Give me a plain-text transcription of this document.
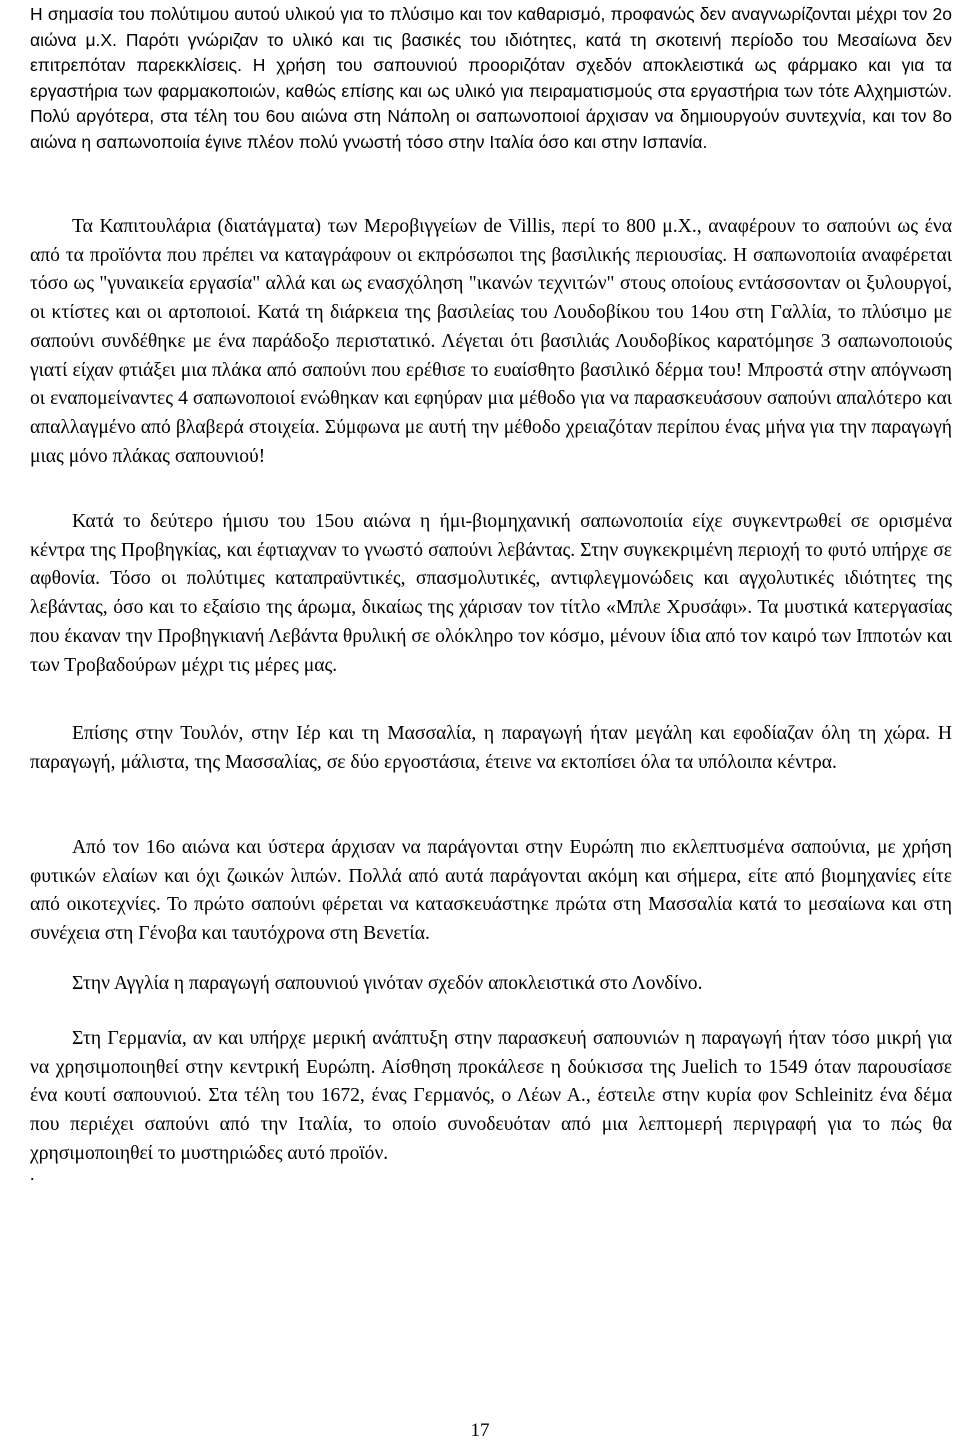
Η σημασία του πολύτιμου αυτού υλικού για το πλύσιμο και τον καθαρισμό, προφανώς δεν αναγνωρίζονται μέχρι τον 2ο αιώνα μ.Χ. Παρότι γνώριζαν το υλικό και τις βασικές του ιδιότητες, κατά τη σκοτεινή περίοδο του Μεσαίωνα δεν επιτρεπόταν παρεκκλίσεις. Η χρήση του σαπουνιού προοριζόταν σχεδόν αποκλειστικά ως φάρμακο και για τα εργαστήρια των φαρμακοποιών, καθώς επίσης και ως υλικό για πειραματισμούς στα εργαστήρια των τότε Αλχημιστών. Πολύ αργότερα, στα τέλη του 6ου αιώνα στη Νάπολη οι σαπωνοποιοί άρχισαν να δημιουργούν συντεχνία, και τον 8ο αιώνα η σαπωνοποιία έγινε πλέον πολύ γνωστή τόσο στην Ιταλία όσο και στην Ισπανία.

Τα Καπιτουλάρια (διατάγματα) των Μεροβιγγείων de Villis, περί το 800 μ.Χ., αναφέρουν το σαπούνι ως ένα από τα προϊόντα που πρέπει να καταγράφουν οι εκπρόσωποι της βασιλικής περιουσίας. Η σαπωνοποιία αναφέρεται τόσο ως "γυναικεία εργασία" αλλά και ως ενασχόληση "ικανών τεχνιτών" στους οποίους εντάσσονταν οι ξυλουργοί, οι κτίστες και οι αρτοποιοί. Κατά τη διάρκεια της βασιλείας του Λουδοβίκου του 14ου στη Γαλλία, το πλύσιμο με σαπούνι συνδέθηκε με ένα παράδοξο περιστατικό. Λέγεται ότι βασιλιάς Λουδοβίκος καρατόμησε 3 σαπωνοποιούς γιατί είχαν φτιάξει μια πλάκα από σαπούνι που ερέθισε το ευαίσθητο βασιλικό δέρμα του! Μπροστά στην απόγνωση οι εναπομείναντες 4 σαπωνοποιοί ενώθηκαν και εφηύραν μια μέθοδο για να παρασκευάσουν σαπούνι απαλότερο και απαλλαγμένο από βλαβερά στοιχεία. Σύμφωνα με αυτή την μέθοδο χρειαζόταν περίπου ένας μήνα για την παραγωγή μιας μόνο πλάκας σαπουνιού!

Κατά το δεύτερο ήμισυ του 15ου αιώνα η ήμι-βιομηχανική σαπωνοποιία είχε συγκεντρωθεί σε ορισμένα κέντρα της Προβηγκίας, και έφτιαχναν το γνωστό σαπούνι λεβάντας. Στην συγκεκριμένη περιοχή το φυτό υπήρχε σε αφθονία. Τόσο οι πολύτιμες καταπραϋντικές, σπασμολυτικές, αντιφλεγμονώδεις και αγχολυτικές ιδιότητες της λεβάντας, όσο και το εξαίσιο της άρωμα, δικαίως της χάρισαν τον τίτλο «Μπλε Χρυσάφι». Τα μυστικά κατεργασίας που έκαναν την Προβηγκιανή Λεβάντα θρυλική σε ολόκληρο τον κόσμο, μένουν ίδια από τον καιρό των Ιπποτών και των Τροβαδούρων μέχρι τις μέρες μας.

Επίσης στην Τουλόν, στην Ιέρ και τη Μασσαλία, η παραγωγή ήταν μεγάλη και εφοδίαζαν όλη τη χώρα. Η παραγωγή, μάλιστα, της Μασσαλίας, σε δύο εργοστάσια, έτεινε να εκτοπίσει όλα τα υπόλοιπα κέντρα.

Από τον 16ο αιώνα και ύστερα άρχισαν να παράγονται στην Ευρώπη πιο εκλεπτυσμένα σαπούνια, με χρήση φυτικών ελαίων και όχι ζωικών λιπών. Πολλά από αυτά παράγονται ακόμη και σήμερα, είτε από βιομηχανίες είτε από οικοτεχνίες. Το πρώτο σαπούνι φέρεται να κατασκευάστηκε πρώτα στη Μασσαλία κατά το μεσαίωνα και στη συνέχεια στη Γένοβα και ταυτόχρονα στη Βενετία.

Στην Αγγλία η παραγωγή σαπουνιού γινόταν σχεδόν αποκλειστικά στο Λονδίνο.

Στη Γερμανία, αν και υπήρχε μερική ανάπτυξη στην παρασκευή σαπουνιών η παραγωγή ήταν τόσο μικρή για να χρησιμοποιηθεί στην κεντρική Ευρώπη. Αίσθηση προκάλεσε η δούκισσα της Juelich το 1549 όταν παρουσίασε ένα κουτί σαπουνιού. Στα τέλη του 1672, ένας Γερμανός, ο Λέων Α., έστειλε στην κυρία φον Schleinitz ένα δέμα που περιέχει σαπούνι από την Ιταλία, το οποίο συνοδευόταν από μια λεπτομερή περιγραφή για το πώς θα χρησιμοποιηθεί το μυστηριώδες αυτό προϊόν.

.
17
